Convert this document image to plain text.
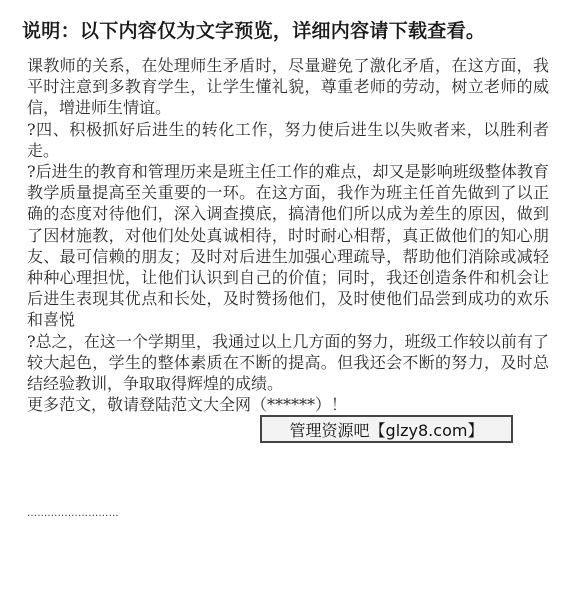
说明：以下内容仅为文字预览，详细内容请下载查看。

课教师的关系，在处理师生矛盾时，尽量避免了激化矛盾，在这方面，我平时注意到多教育学生，让学生懂礼貌，尊重老师的劳动，树立老师的威信，增进师生情谊。

?四、积极抓好后进生的转化工作，努力使后进生以失败者来，以胜利者走。

?后进生的教育和管理历来是班主任工作的难点，却又是影响班级整体教育教学质量提高至关重要的一环。在这方面，我作为班主任首先做到了以正确的态度对待他们，深入调查摸底，搞清他们所以成为差生的原因，做到了因材施教，对他们处处真诚相待，时时耐心相帮，真正做他们的知心朋友、最可信赖的朋友；及时对后进生加强心理疏导，帮助他们消除或减轻种种心理担忧，让他们认识到自己的价值；同时，我还创造条件和机会让后进生表现其优点和长处，及时赞扬他们，及时使他们品尝到成功的欢乐和喜悦

?总之，在这一个学期里，我通过以上几方面的努力，班级工作较以前有了较大起色，学生的整体素质在不断的提高。但我还会不断的努力，及时总结经验教训，争取取得辉煌的成绩。

更多范文，敬请登陆范文大全网（******）！

………………………
管理资源吧【glzy8.com】
